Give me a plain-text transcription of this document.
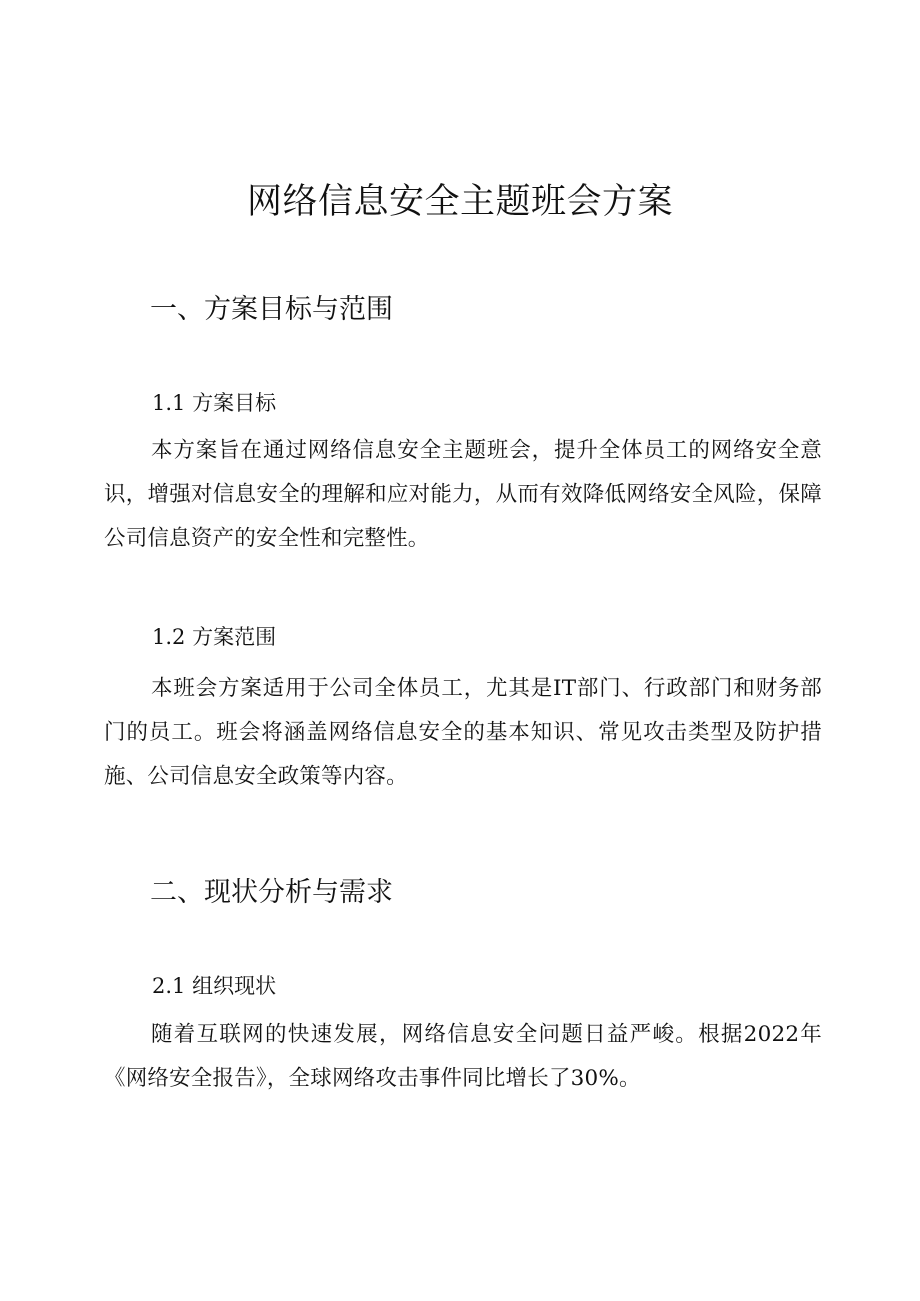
网络信息安全主题班会方案
一、方案目标与范围
1.1 方案目标

本方案旨在通过网络信息安全主题班会，提升全体员工的网络安全意识，增强对信息安全的理解和应对能力，从而有效降低网络安全风险，保障公司信息资产的安全性和完整性。

1.2 方案范围

本班会方案适用于公司全体员工，尤其是IT部门、行政部门和财务部门的员工。班会将涵盖网络信息安全的基本知识、常见攻击类型及防护措施、公司信息安全政策等内容。

二、现状分析与需求
2.1 组织现状

随着互联网的快速发展，网络信息安全问题日益严峻。根据2022年《网络安全报告》，全球网络攻击事件同比增长了30%。
